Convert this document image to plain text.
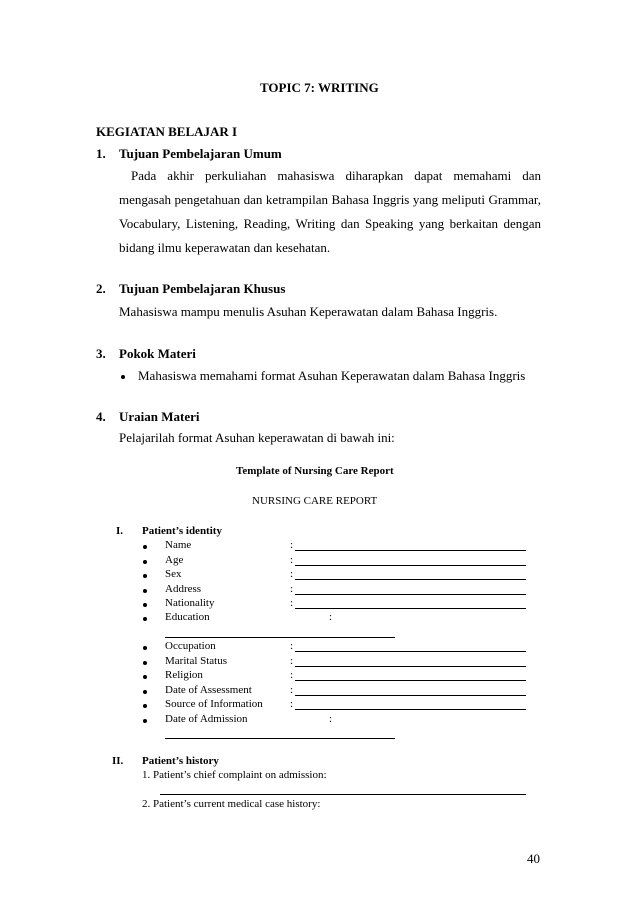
TOPIC 7: WRITING
KEGIATAN BELAJAR I
1. Tujuan Pembelajaran Umum
Pada akhir perkuliahan mahasiswa diharapkan dapat memahami dan
mengasah pengetahuan dan ketrampilan Bahasa Inggris yang meliputi Grammar,
Vocabulary, Listening, Reading, Writing dan Speaking yang berkaitan dengan
bidang ilmu keperawatan dan kesehatan.
2. Tujuan Pembelajaran Khusus
Mahasiswa mampu menulis Asuhan Keperawatan dalam Bahasa Inggris.
3. Pokok Materi
Mahasiswa memahami format Asuhan Keperawatan dalam Bahasa Inggris
4. Uraian Materi
Pelajarilah format Asuhan keperawatan di bawah ini:
Template of Nursing Care Report
NURSING CARE REPORT
I. Patient’s identity
Name	:
Age	:
Sex	:
Address	:
Nationality	:
Education	:
Occupation	:
Marital Status	:
Religion	:
Date of Assessment	:
Source of Information :
Date of Admission	:
II. Patient’s history
1. Patient’s chief complaint on admission:
2. Patient’s current medical case history:
40
